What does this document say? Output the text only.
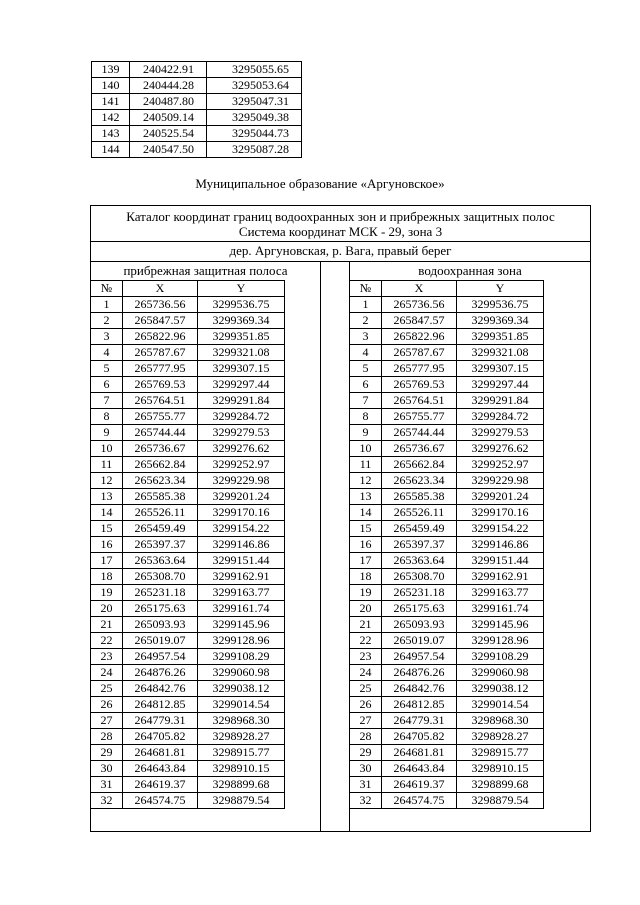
139	240422.91	3295055.65
140	240444.28	3295053.64
141	240487.80	3295047.31
142	240509.14	3295049.38
143	240525.54	3295044.73
144	240547.50	3295087.28
Муниципальное образование «Аргуновское»
Каталог координат границ водоохранных зон и прибрежных защитных полос
Система координат МСК - 29, зона 3
дер. Аргуновская, р. Вага, правый берег
прибрежная защитная полоса	водоохранная зона
№	X	Y
1	265736.56	3299536.75
2	265847.57	3299369.34
3	265822.96	3299351.85
4	265787.67	3299321.08
5	265777.95	3299307.15
6	265769.53	3299297.44
7	265764.51	3299291.84
8	265755.77	3299284.72
9	265744.44	3299279.53
10	265736.67	3299276.62
11	265662.84	3299252.97
12	265623.34	3299229.98
13	265585.38	3299201.24
14	265526.11	3299170.16
15	265459.49	3299154.22
16	265397.37	3299146.86
17	265363.64	3299151.44
18	265308.70	3299162.91
19	265231.18	3299163.77
20	265175.63	3299161.74
21	265093.93	3299145.96
22	265019.07	3299128.96
23	264957.54	3299108.29
24	264876.26	3299060.98
25	264842.76	3299038.12
26	264812.85	3299014.54
27	264779.31	3298968.30
28	264705.82	3298928.27
29	264681.81	3298915.77
30	264643.84	3298910.15
31	264619.37	3298899.68
32	264574.75	3298879.54
№	X	Y
1	265736.56	3299536.75
2	265847.57	3299369.34
3	265822.96	3299351.85
4	265787.67	3299321.08
5	265777.95	3299307.15
6	265769.53	3299297.44
7	265764.51	3299291.84
8	265755.77	3299284.72
9	265744.44	3299279.53
10	265736.67	3299276.62
11	265662.84	3299252.97
12	265623.34	3299229.98
13	265585.38	3299201.24
14	265526.11	3299170.16
15	265459.49	3299154.22
16	265397.37	3299146.86
17	265363.64	3299151.44
18	265308.70	3299162.91
19	265231.18	3299163.77
20	265175.63	3299161.74
21	265093.93	3299145.96
22	265019.07	3299128.96
23	264957.54	3299108.29
24	264876.26	3299060.98
25	264842.76	3299038.12
26	264812.85	3299014.54
27	264779.31	3298968.30
28	264705.82	3298928.27
29	264681.81	3298915.77
30	264643.84	3298910.15
31	264619.37	3298899.68
32	264574.75	3298879.54
